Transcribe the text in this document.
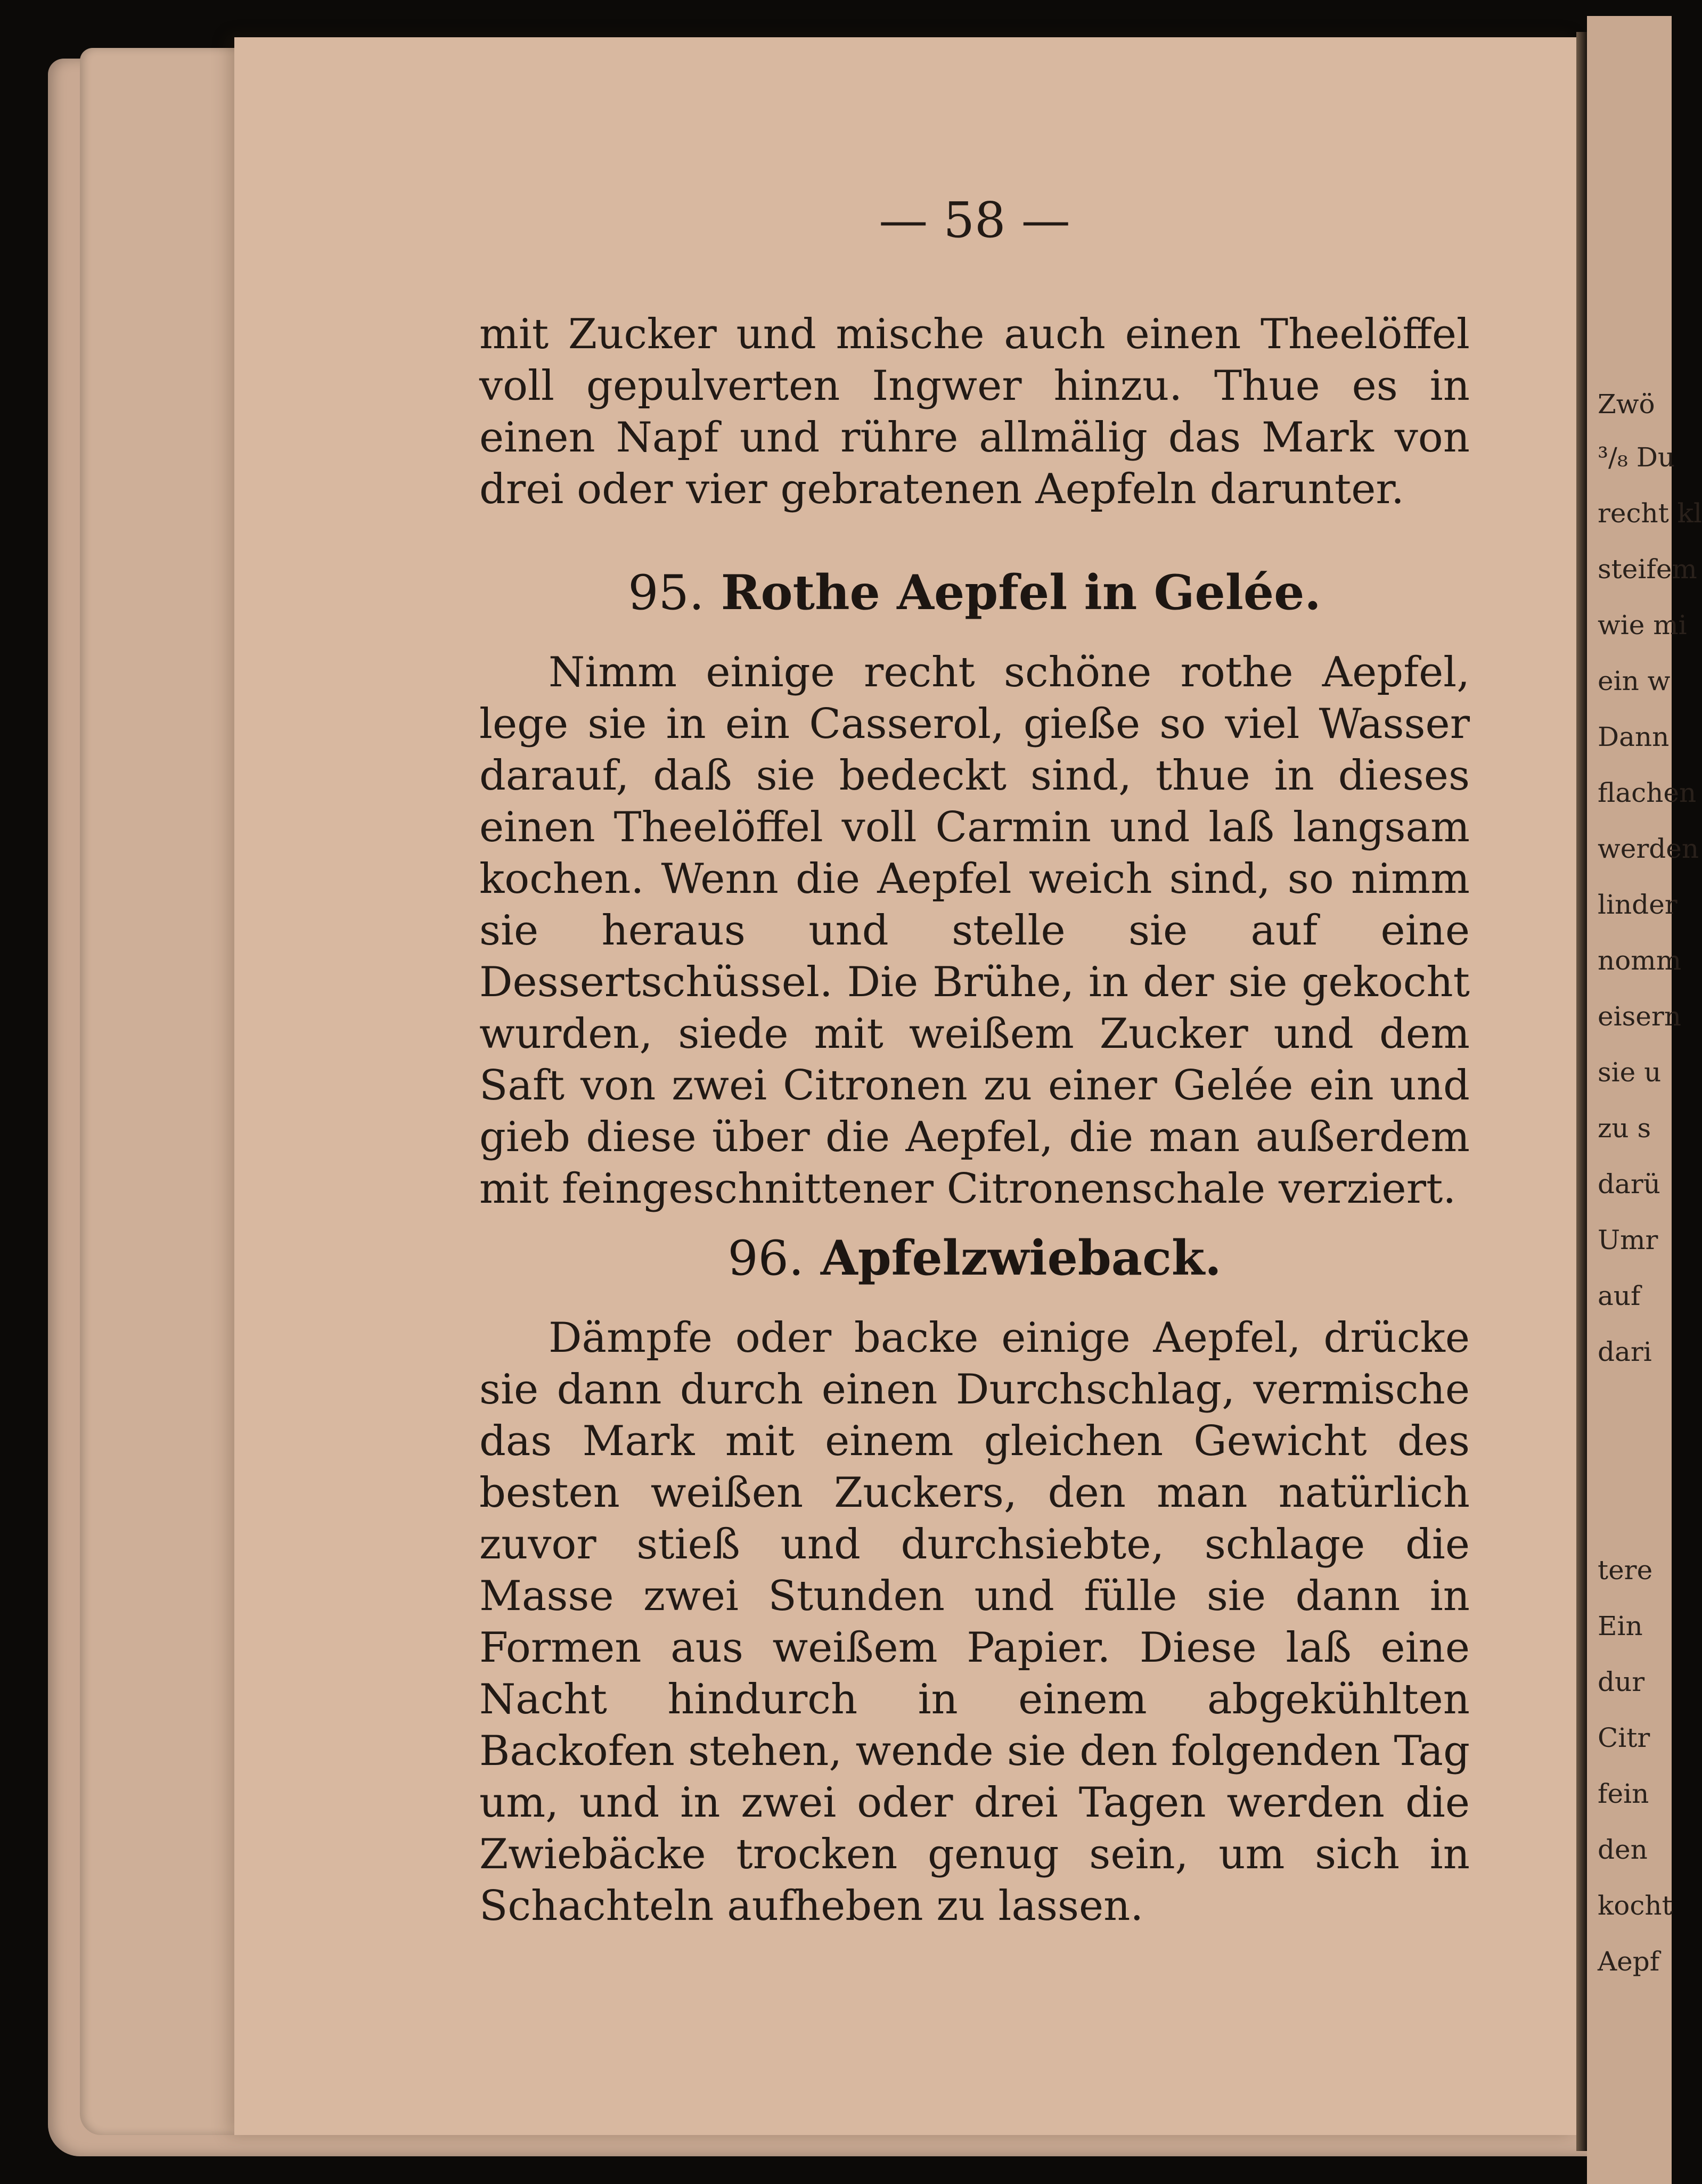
Zwö
³/₈ Du
recht kl
steifem
wie mi
ein w
Dann
flachen
werden
linder
nomm
eisern
sie u
zu s
darü
Umr
auf
dari
tere
Ein
dur
Citr
fein
den
kocht
Aepf
— 58 —

mit Zucker und mische auch einen Theelöffel voll gepulverten Ingwer hinzu. Thue es in einen Napf und rühre allmälig das Mark von drei oder vier gebratenen Aepfeln darunter.

95. Rothe Aepfel in Gelée.

Nimm einige recht schöne rothe Aepfel, lege sie in ein Casserol, gieße so viel Wasser darauf, daß sie bedeckt sind, thue in dieses einen Theelöffel voll Carmin und laß langsam kochen. Wenn die Aepfel weich sind, so nimm sie heraus und stelle sie auf eine Dessertschüssel. Die Brühe, in der sie gekocht wurden, siede mit weißem Zucker und dem Saft von zwei Citronen zu einer Gelée ein und gieb diese über die Aepfel, die man außerdem mit feingeschnittener Citronenschale verziert.

96. Apfelzwieback.

Dämpfe oder backe einige Aepfel, drücke sie dann durch einen Durchschlag, vermische das Mark mit einem gleichen Gewicht des besten weißen Zuckers, den man natürlich zuvor stieß und durchsiebte, schlage die Masse zwei Stunden und fülle sie dann in Formen aus weißem Papier. Diese laß eine Nacht hindurch in einem abgekühlten Backofen stehen, wende sie den folgenden Tag um, und in zwei oder drei Tagen werden die Zwiebäcke trocken genug sein, um sich in Schachteln aufheben zu lassen.
